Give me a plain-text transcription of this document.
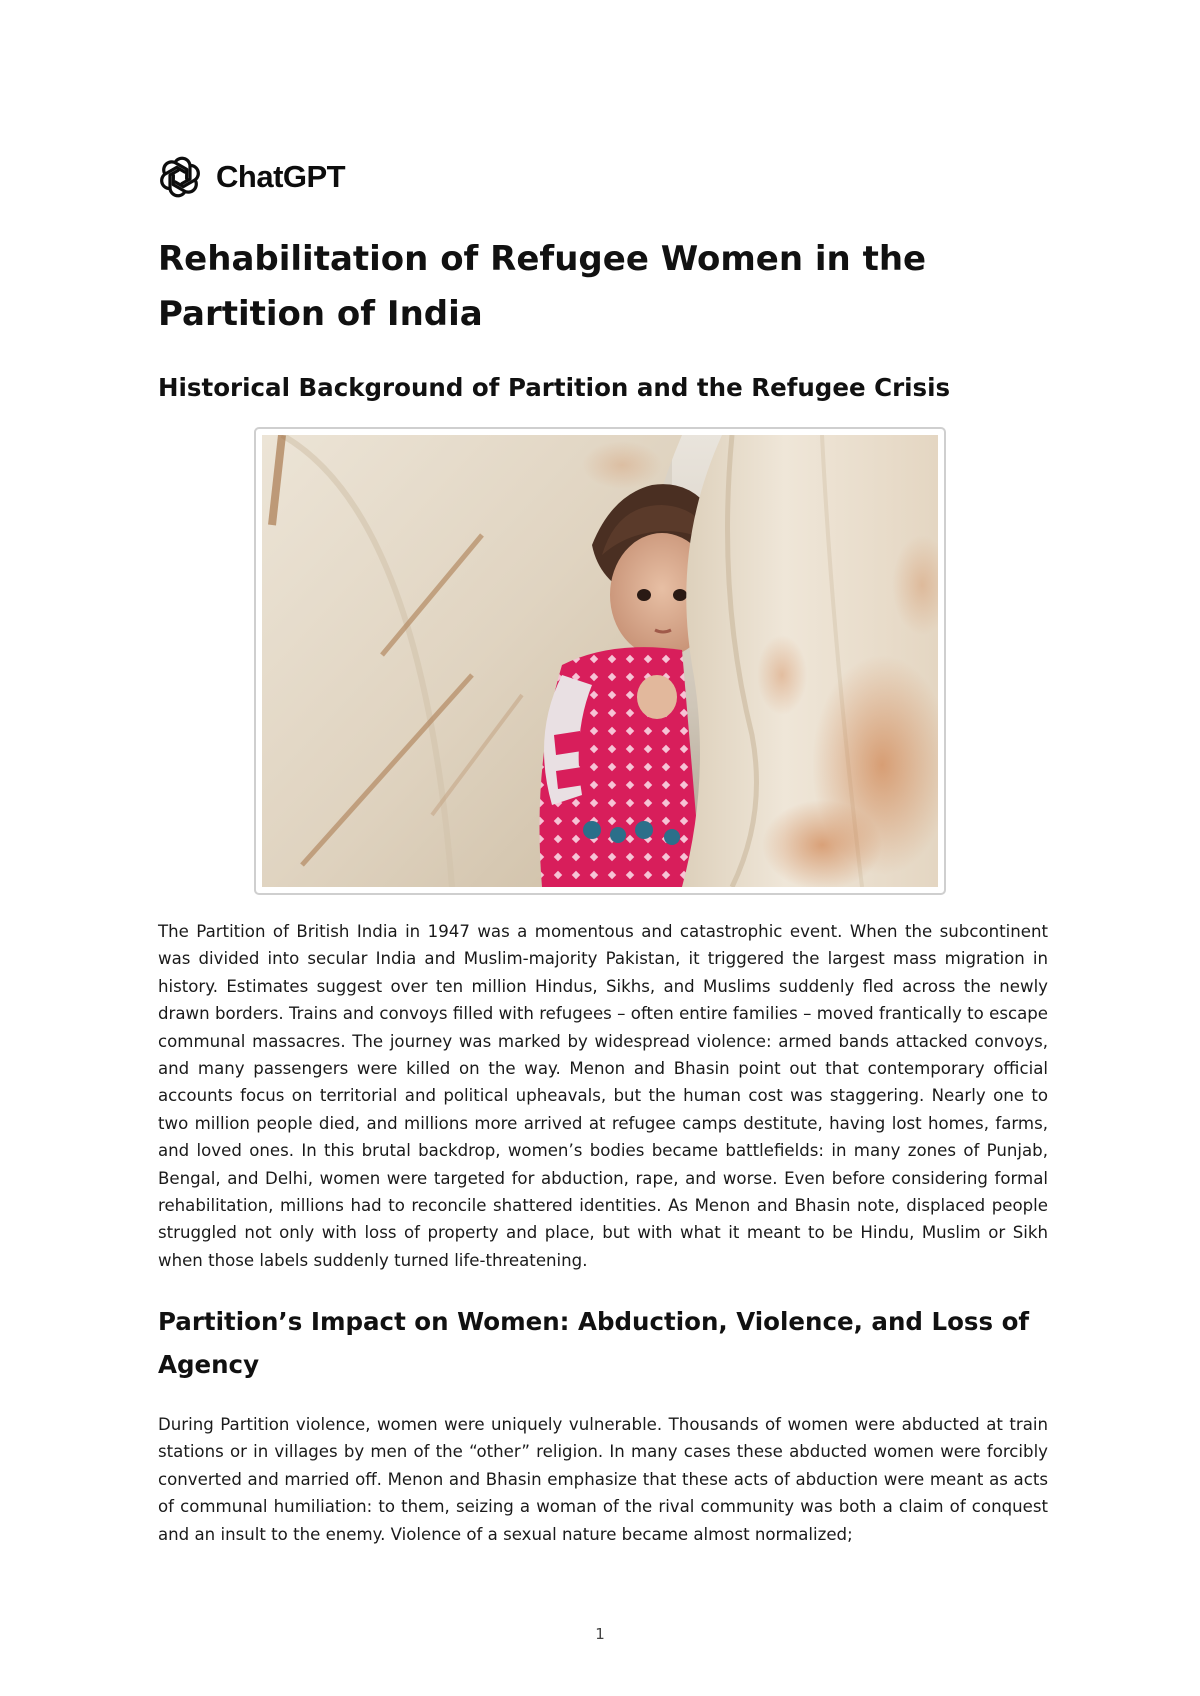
ChatGPT
Rehabilitation of Refugee Women in the Partition of India
Historical Background of Partition and the Refugee Crisis

The Partition of British India in 1947 was a momentous and catastrophic event. When the subcontinent was divided into secular India and Muslim-majority Pakistan, it triggered the largest mass migration in history. Estimates suggest over ten million Hindus, Sikhs, and Muslims suddenly fled across the newly drawn borders. Trains and convoys filled with refugees – often entire families – moved frantically to escape communal massacres. The journey was marked by widespread violence: armed bands attacked convoys, and many passengers were killed on the way. Menon and Bhasin point out that contemporary official accounts focus on territorial and political upheavals, but the human cost was staggering. Nearly one to two million people died, and millions more arrived at refugee camps destitute, having lost homes, farms, and loved ones. In this brutal backdrop, women’s bodies became battlefields: in many zones of Punjab, Bengal, and Delhi, women were targeted for abduction, rape, and worse. Even before considering formal rehabilitation, millions had to reconcile shattered identities. As Menon and Bhasin note, displaced people struggled not only with loss of property and place, but with what it meant to be Hindu, Muslim or Sikh when those labels suddenly turned life-threatening.

Partition’s Impact on Women: Abduction, Violence, and Loss of Agency

During Partition violence, women were uniquely vulnerable. Thousands of women were abducted at train stations or in villages by men of the “other” religion. In many cases these abducted women were forcibly converted and married off. Menon and Bhasin emphasize that these acts of abduction were meant as acts of communal humiliation: to them, seizing a woman of the rival community was both a claim of conquest and an insult to the enemy. Violence of a sexual nature became almost normalized;

1
